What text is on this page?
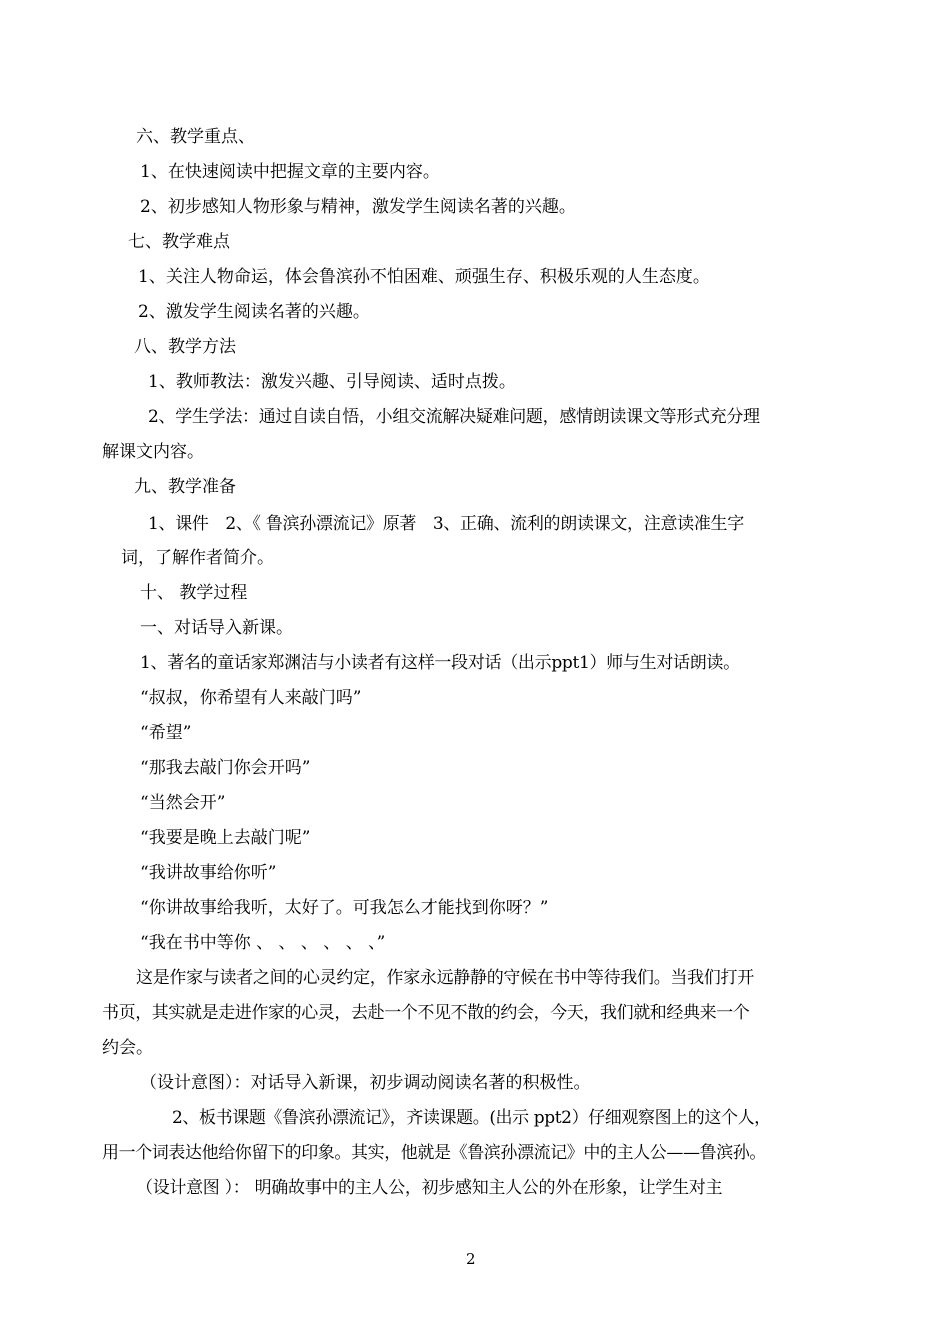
六、教学重点、

1、在快速阅读中把握文章的主要内容。

2、初步感知人物形象与精神，激发学生阅读名著的兴趣。

七、教学难点

1、关注人物命运，体会鲁滨孙不怕困难、顽强生存、积极乐观的人生态度。

2、激发学生阅读名著的兴趣。

八、教学方法

1、教师教法：激发兴趣、引导阅读、适时点拨。

2、学生学法：通过自读自悟，小组交流解决疑难问题，感情朗读课文等形式充分理

解课文内容。

九、教学准备

1、课件　2、《 鲁滨孙漂流记》原著　3、正确、流利的朗读课文，注意读准生字

词，了解作者简介。

十、 教学过程

一、对话导入新课。

1、著名的童话家郑渊洁与小读者有这样一段对话（出示ppt1）师与生对话朗读。

“叔叔，你希望有人来敲门吗”

“希望”

“那我去敲门你会开吗”

“当然会开”

“我要是晚上去敲门呢”

“我讲故事给你听”

“你讲故事给我听，太好了。可我怎么才能找到你呀？”

“我在书中等你 、 、 、 、 、 、”

这是作家与读者之间的心灵约定，作家永远静静的守候在书中等待我们。当我们打开

书页，其实就是走进作家的心灵，去赴一个不见不散的约会，今天，我们就和经典来一个

约会。

（设计意图）：对话导入新课，初步调动阅读名著的积极性。

2、板书课题《鲁滨孙漂流记》，齐读课题。(出示 ppt2）仔细观察图上的这个人，

用一个词表达他给你留下的印象。其实，他就是《鲁滨孙漂流记》中的主人公——鲁滨孙。

（设计意图 ）： 明确故事中的主人公，初步感知主人公的外在形象，让学生对主

2
